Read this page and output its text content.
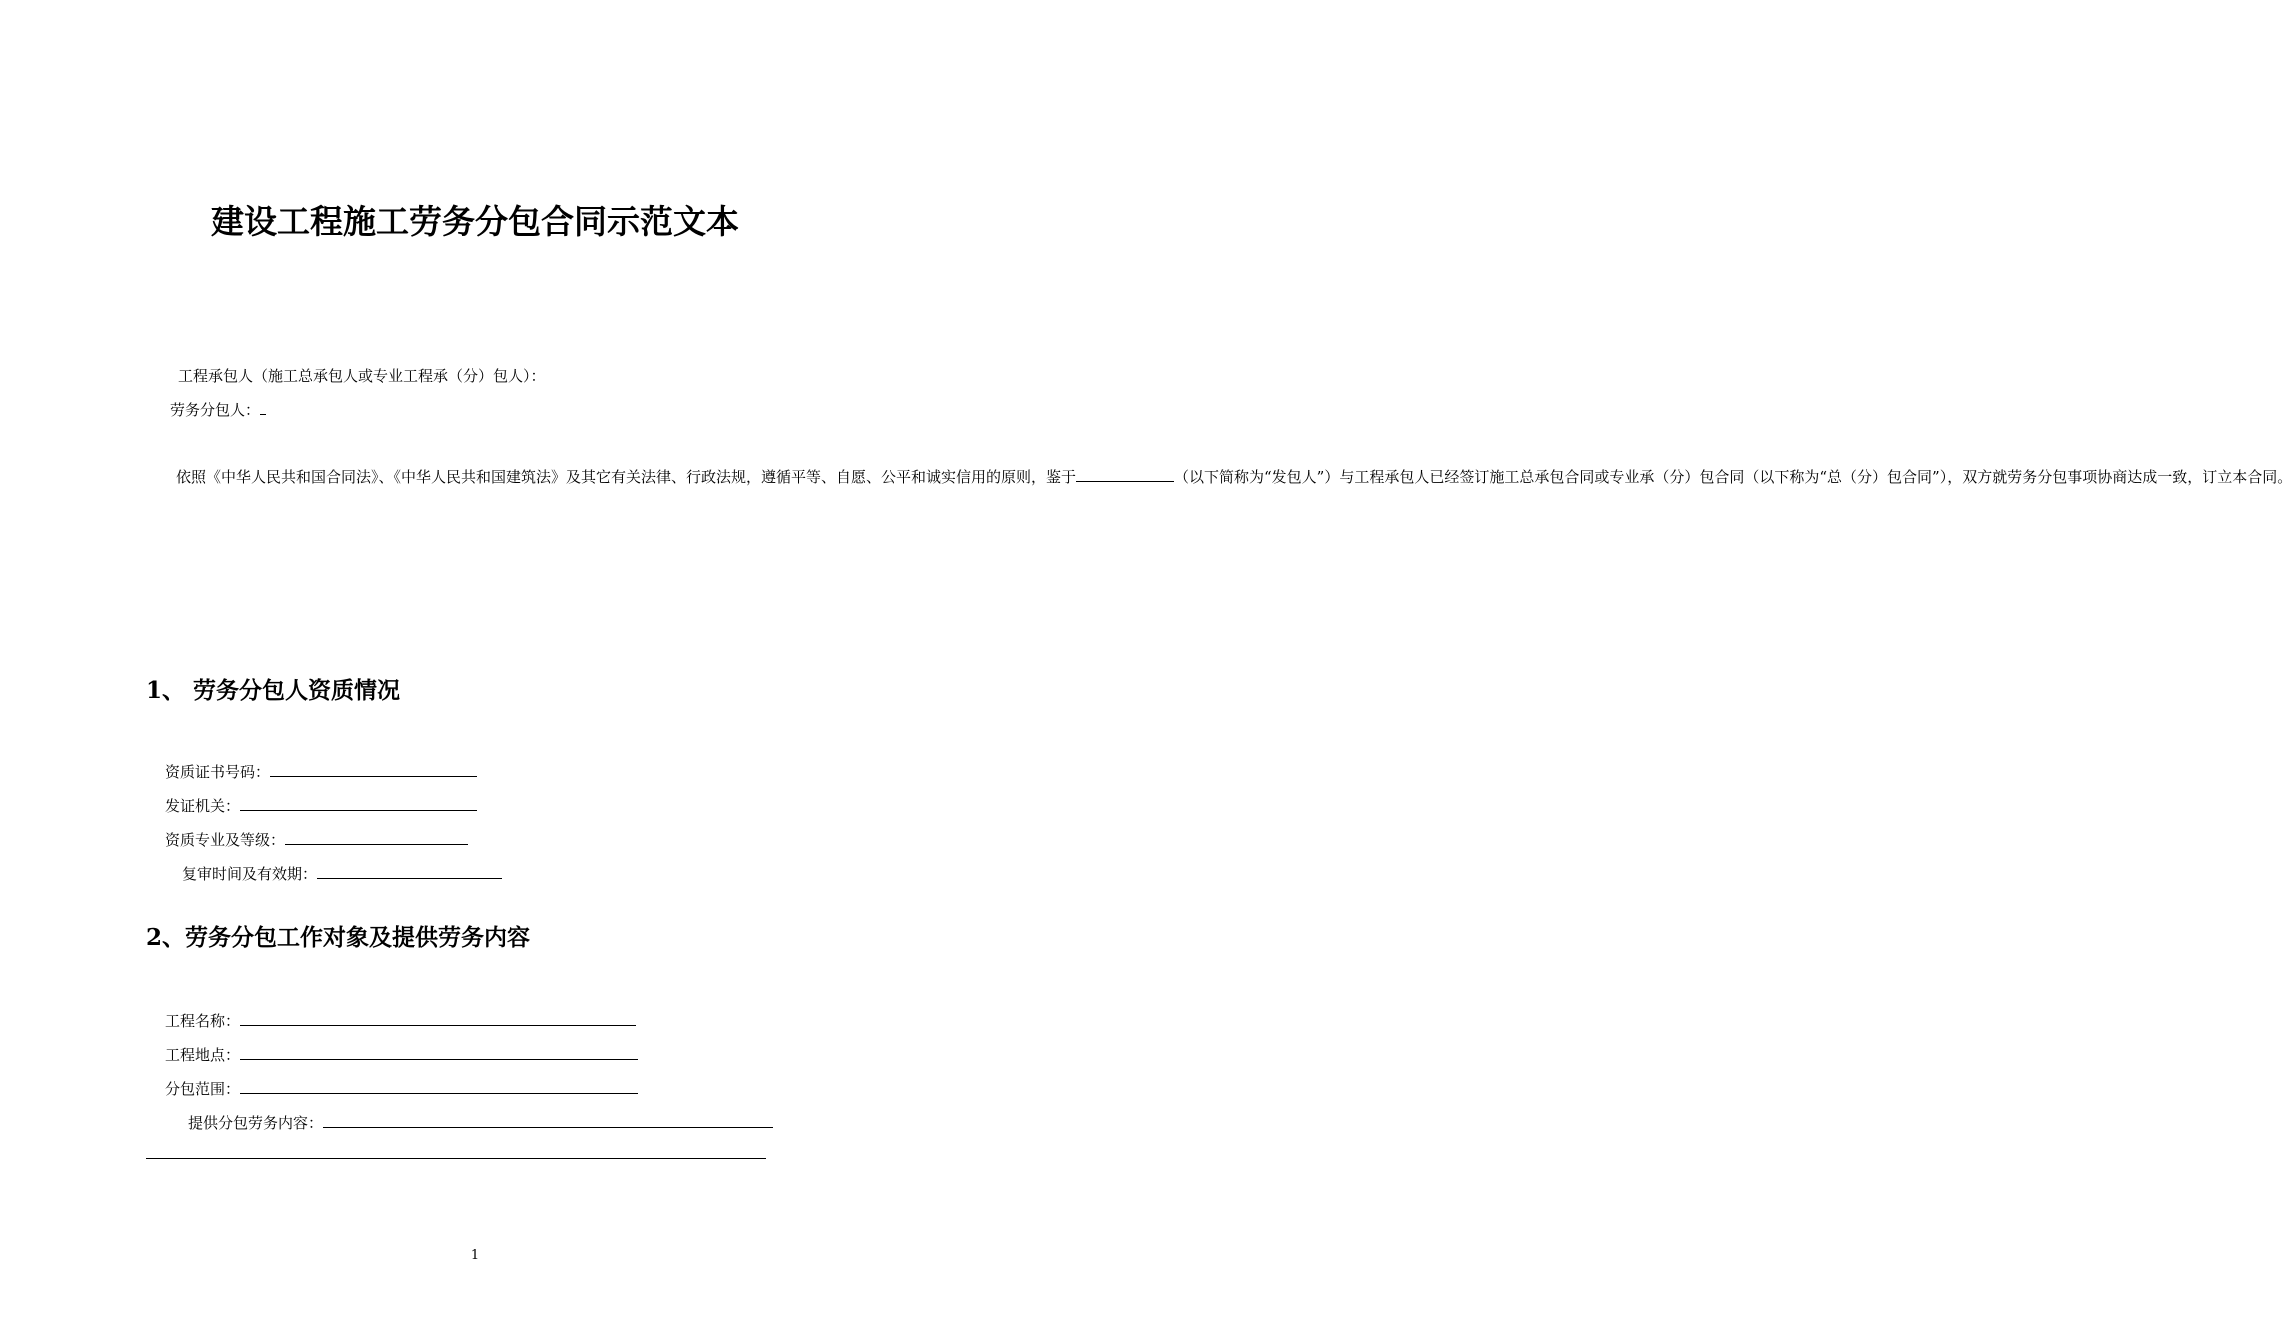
建设工程施工劳务分包合同示范文本
工程承包人（施工总承包人或专业工程承（分）包人）：
劳务分包人：
依照《中华人民共和国合同法》、《中华人民共和国建筑法》及其它有关法律、行政法规，遵循平等、自愿、公平和诚实信用的原则，鉴于	（以下简称为“发包人”）与工程承包人已经签订施工总承包合同或专业承（分）包合同（以下称为“总（分）包合同”），双方就劳务分包事项协商达成一致，订立本合同。
1、 劳务分包人资质情况
资质证书号码：
发证机关：
资质专业及等级：
复审时间及有效期：
2、劳务分包工作对象及提供劳务内容
工程名称：
工程地点：
分包范围：
提供分包劳务内容：
1
